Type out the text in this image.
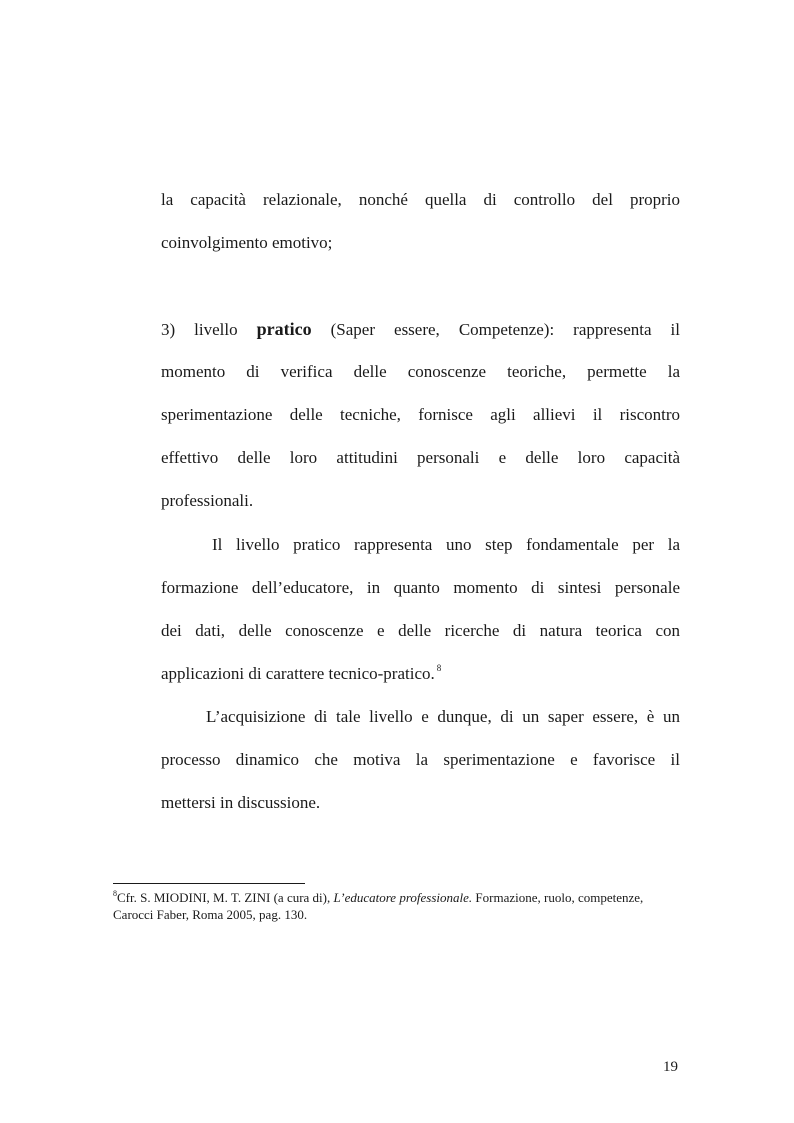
la capacità relazionale, nonché quella di controllo del proprio
coinvolgimento emotivo;
3) livello pratico (Saper essere, Competenze): rappresenta il
momento di verifica delle conoscenze teoriche, permette la
sperimentazione delle tecniche, fornisce agli allievi il riscontro
effettivo delle loro attitudini personali e delle loro capacità
professionali.
Il livello pratico rappresenta uno step fondamentale per la
formazione dell’educatore, in quanto momento di sintesi personale
dei dati, delle conoscenze e delle ricerche di natura teorica con
applicazioni di carattere tecnico-pratico. $^8$
L’acquisizione di tale livello e dunque, di un saper essere, è un
processo dinamico che motiva la sperimentazione e favorisce il
mettersi in discussione.
$^8$Cfr. S. MIODINI, M. T. ZINI (a cura di), L’educatore professionale. Formazione, ruolo, competenze,
Carocci Faber, Roma 2005, pag. 130.
19
